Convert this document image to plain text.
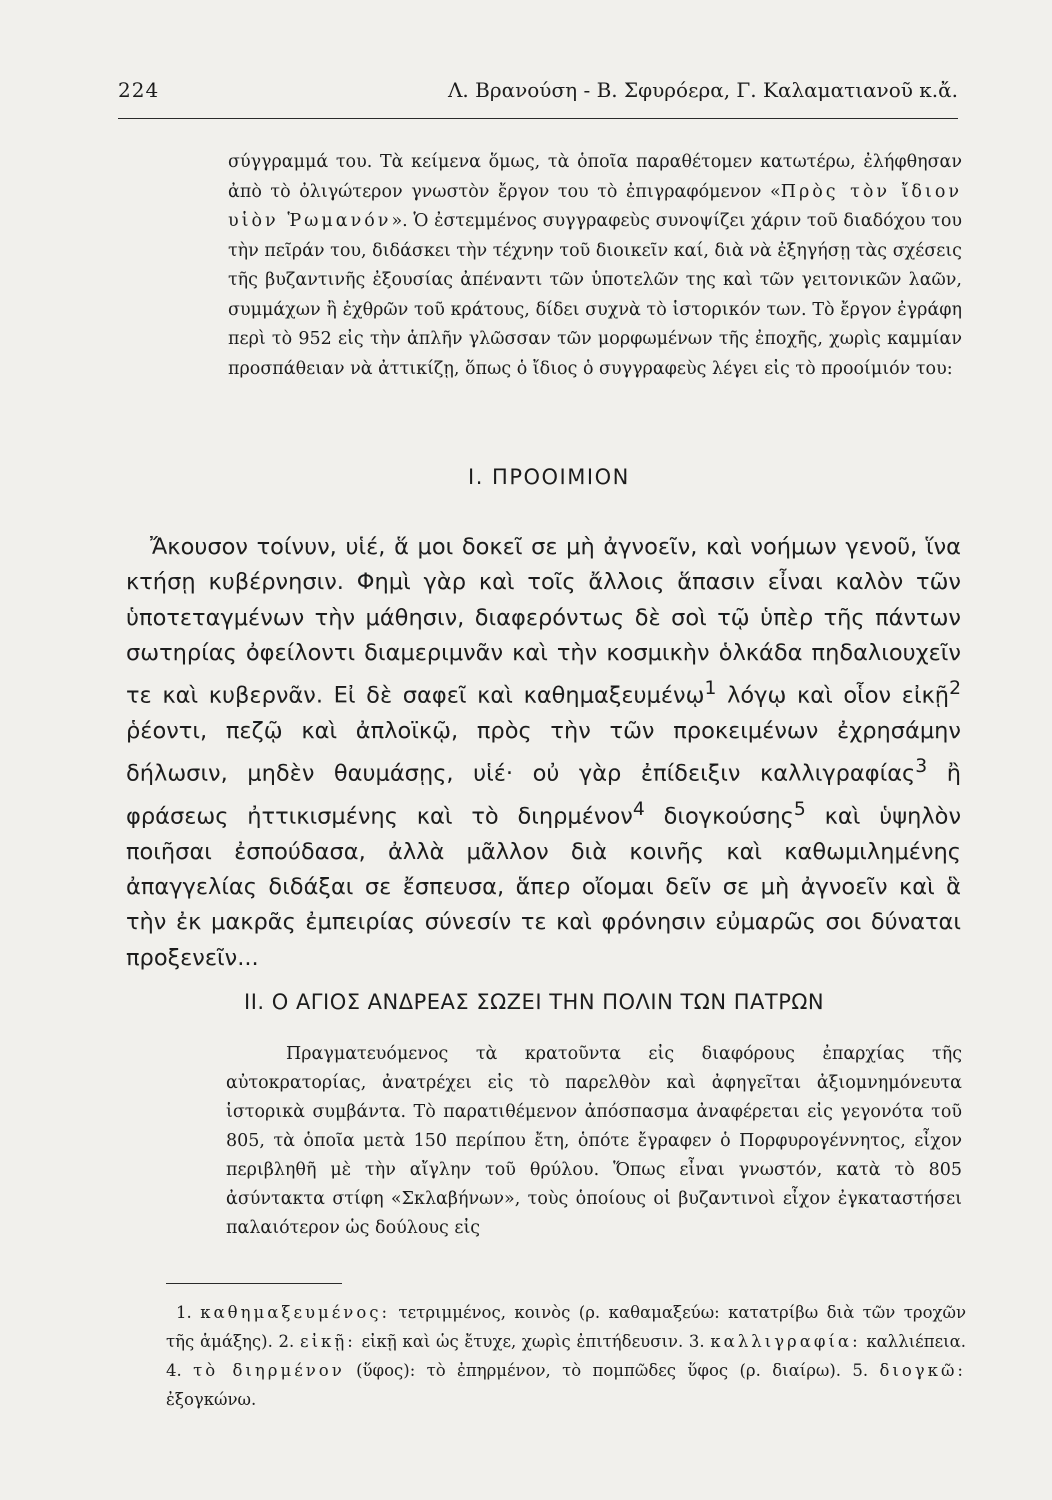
224	Λ. Βρανούση - Β. Σφυρόερα, Γ. Καλαματιανοῦ κ.ἄ.

σύγγραμμά του. Τὰ κείμενα ὅμως, τὰ ὁποῖα παραθέτομεν κατωτέρω, ἐλήφθησαν ἀπὸ τὸ ὀλιγώτερον γνωστὸν ἔργον του τὸ ἐπιγραφόμενον «Πρὸς τὸν ἴδιον υἱὸν Ῥωμανόν». Ὁ ἐστεμμένος συγγραφεὺς συνοψίζει χάριν τοῦ διαδόχου του τὴν πεῖράν του, διδάσκει τὴν τέχνην τοῦ διοικεῖν καί, διὰ νὰ ἐξηγήσῃ τὰς σχέσεις τῆς βυζαντινῆς ἐξουσίας ἀπέναντι τῶν ὑποτελῶν της καὶ τῶν γειτονικῶν λαῶν, συμμάχων ἢ ἐχθρῶν τοῦ κράτους, δίδει συχνὰ τὸ ἱστορικόν των. Τὸ ἔργον ἐγράφη περὶ τὸ 952 εἰς τὴν ἁπλῆν γλῶσσαν τῶν μορφωμένων τῆς ἐποχῆς, χωρὶς καμμίαν προσπάθειαν νὰ ἀττικίζῃ, ὅπως ὁ ἴδιος ὁ συγγραφεὺς λέγει εἰς τὸ προοίμιόν του:

I. ΠΡΟΟΙΜΙΟΝ

Ἄκουσον τοίνυν, υἱέ, ἅ μοι δοκεῖ σε μὴ ἀγνοεῖν, καὶ νοήμων γενοῦ, ἵνα κτήσῃ κυβέρνησιν. Φημὶ γὰρ καὶ τοῖς ἄλλοις ἅπασιν εἶναι καλὸν τῶν ὑποτεταγμένων τὴν μάθησιν, διαφερόντως δὲ σοὶ τῷ ὑπὲρ τῆς πάντων σωτηρίας ὀφείλοντι διαμεριμνᾶν καὶ τὴν κοσμικὴν ὁλκάδα πηδαλιουχεῖν τε καὶ κυβερνᾶν. Εἰ δὲ σαφεῖ καὶ καθημαξευμένῳ$^1$ λόγῳ καὶ οἷον εἰκῇ$^2$ ῥέοντι, πεζῷ καὶ ἀπλοϊκῷ, πρὸς τὴν τῶν προκειμένων ἐχρησάμην δήλωσιν, μηδὲν θαυμάσῃς, υἱέ· οὐ γὰρ ἐπίδειξιν καλλιγραφίας$^3$ ἢ φράσεως ἠττικισμένης καὶ τὸ διηρμένον$^4$ διογκούσης$^5$ καὶ ὑψηλὸν ποιῆσαι ἐσπούδασα, ἀλλὰ μᾶλλον διὰ κοινῆς καὶ καθωμιλημένης ἀπαγγελίας διδάξαι σε ἔσπευσα, ἅπερ οἴομαι δεῖν σε μὴ ἀγνοεῖν καὶ ἃ τὴν ἐκ μακρᾶς ἐμπειρίας σύνεσίν τε καὶ φρόνησιν εὐμαρῶς σοι δύναται προξενεῖν...

II. Ο ΑΓΙΟΣ ΑΝΔΡΕΑΣ ΣΩΖΕΙ ΤΗΝ ΠΟΛΙΝ ΤΩΝ ΠΑΤΡΩΝ

Πραγματευόμενος τὰ κρατοῦντα εἰς διαφόρους ἐπαρχίας τῆς αὐτοκρατορίας, ἀνατρέχει εἰς τὸ παρελθὸν καὶ ἀφηγεῖται ἀξιομνημόνευτα ἱστορικὰ συμβάντα. Τὸ παρατιθέμενον ἀπόσπασμα ἀναφέρεται εἰς γεγονότα τοῦ 805, τὰ ὁποῖα μετὰ 150 περίπου ἔτη, ὁπότε ἔγραφεν ὁ Πορφυρογέννητος, εἶχον περιβληθῆ μὲ τὴν αἴγλην τοῦ θρύλου. Ὅπως εἶναι γνωστόν, κατὰ τὸ 805 ἀσύντακτα στίφη «Σκλαβήνων», τοὺς ὁποίους οἱ βυζαντινοὶ εἶχον ἐγκαταστήσει παλαιότερον ὡς δούλους εἰς

1. καθημαξευμένος: τετριμμένος, κοινὸς (ρ. καθαμαξεύω: κατατρίβω διὰ τῶν τροχῶν τῆς ἁμάξης). 2. εἰκῇ: εἰκῇ καὶ ὡς ἔτυχε, χωρὶς ἐπιτήδευσιν. 3. καλλιγραφία: καλλιέπεια. 4. τὸ διηρμένον (ὕφος): τὸ ἐπηρμένον, τὸ πομπῶδες ὕφος (ρ. διαίρω). 5. διογκῶ: ἐξογκώνω.
